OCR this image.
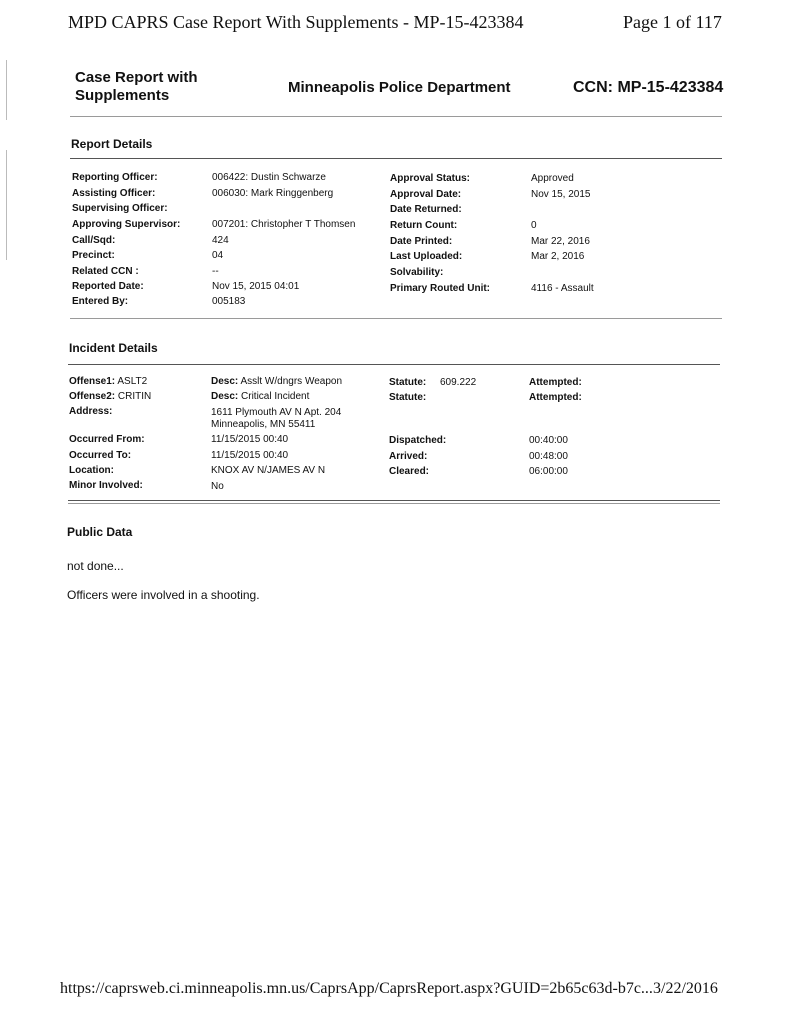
MPD CAPRS Case Report With Supplements - MP-15-423384	Page 1 of 117
Case Report with
Supplements	Minneapolis Police Department	CCN: MP-15-423384
Report Details
Reporting Officer:	006422: Dustin Schwarze
Assisting Officer:	006030: Mark Ringgenberg
Supervising Officer:
Approving Supervisor:	007201: Christopher T Thomsen
Call/Sqd:	424
Precinct:	04
Related CCN :	--
Reported Date:	Nov 15, 2015 04:01
Entered By:	005183
Approval Status:	Approved
Approval Date:	Nov 15, 2015
Date Returned:
Return Count:	0
Date Printed:	Mar 22, 2016
Last Uploaded:	Mar 2, 2016
Solvability:
Primary Routed Unit:	4116 - Assault
Incident Details
Offense1: ASLT2	Desc: Asslt W/dngrs Weapon	Statute: 609.222	Attempted:
Offense2: CRITIN	Desc: Critical Incident	Statute:	Attempted:
Address:	1611 Plymouth AV N Apt. 204
Minneapolis, MN 55411
Occurred From:	11/15/2015 00:40	Dispatched:	00:40:00
Occurred To:	11/15/2015 00:40	Arrived:	00:48:00
Location:	KNOX AV N/JAMES AV N	Cleared:	06:00:00
Minor Involved:	No
Public Data
not done...
Officers were involved in a shooting.
https://caprsweb.ci.minneapolis.mn.us/CaprsApp/CaprsReport.aspx?GUID=2b65c63d-b7c... 3/22/2016
